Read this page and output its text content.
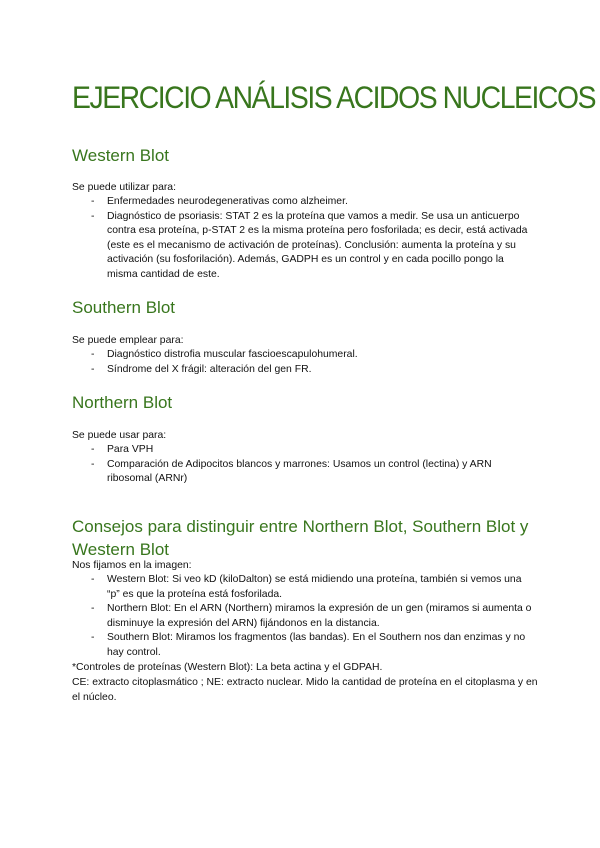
EJERCICIO ANÁLISIS ACIDOS NUCLEICOS
Western Blot
Se puede utilizar para:
- Enfermedades neurodegenerativas como alzheimer.
- Diagnóstico de psoriasis: STAT 2 es la proteína que vamos a medir. Se usa un anticuerpo contra esa proteína, p-STAT 2 es la misma proteína pero fosforilada; es decir, está activada (este es el mecanismo de activación de proteínas). Conclusión: aumenta la proteína y su activación (su fosforilación). Además, GADPH es un control y en cada pocillo pongo la misma cantidad de este.
Southern Blot
Se puede emplear para:
- Diagnóstico distrofia muscular fascioescapulohumeral.
- Síndrome del X frágil: alteración del gen FR.
Northern Blot
Se puede usar para:
- Para VPH
- Comparación de Adipocitos blancos y marrones: Usamos un control (lectina) y ARN ribosomal (ARNr)
Consejos para distinguir entre Northern Blot, Southern Blot y Western Blot
Nos fijamos en la imagen:
- Western Blot: Si veo kD (kiloDalton) se está midiendo una proteína, también si vemos una “p” es que la proteína está fosforilada.
- Northern Blot: En el ARN (Northern) miramos la expresión de un gen (miramos si aumenta o disminuye la expresión del ARN) fijándonos en la distancia.
- Southern Blot: Miramos los fragmentos (las bandas). En el Southern nos dan enzimas y no hay control.
*Controles de proteínas (Western Blot): La beta actina y el GDPAH.
CE: extracto citoplasmático ; NE: extracto nuclear. Mido la cantidad de proteína en el citoplasma y en el núcleo.
